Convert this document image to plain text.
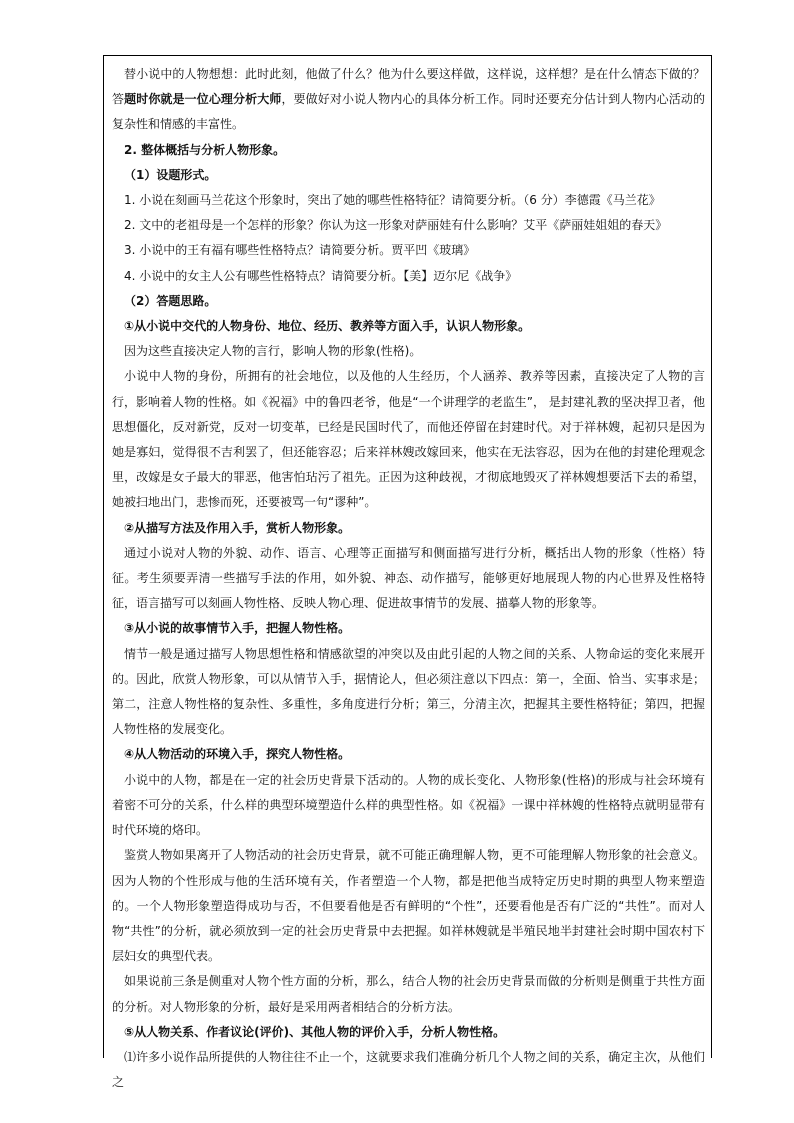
替小说中的人物想想：此时此刻，他做了什么？他为什么要这样做，这样说，这样想？是在什么情态下做的？答题时你就是一位心理分析大师，要做好对小说人物内心的具体分析工作。同时还要充分估计到人物内心活动的复杂性和情感的丰富性。

2. 整体概括与分析人物形象。

（1）设题形式。

1. 小说在刻画马兰花这个形象时，突出了她的哪些性格特征？请简要分析。（6 分）李德霞《马兰花》

2. 文中的老祖母是一个怎样的形象？你认为这一形象对萨丽娃有什么影响？艾平《萨丽娃姐姐的春天》

3. 小说中的王有福有哪些性格特点？请简要分析。贾平凹《玻璃》

4. 小说中的女主人公有哪些性格特点？请简要分析。【美】迈尔尼《战争》

（2）答题思路。

①从小说中交代的人物身份、地位、经历、教养等方面入手，认识人物形象。

因为这些直接决定人物的言行，影响人物的形象(性格)。

小说中人物的身份，所拥有的社会地位，以及他的人生经历，个人涵养、教养等因素，直接决定了人物的言行，影响着人物的性格。如《祝福》中的鲁四老爷，他是“一个讲理学的老监生”， 是封建礼教的坚决捍卫者，他思想僵化，反对新党，反对一切变革，已经是民国时代了，而他还停留在封建时代。对于祥林嫂，起初只是因为她是寡妇，觉得很不吉利罢了，但还能容忍；后来祥林嫂改嫁回来，他实在无法容忍，因为在他的封建伦理观念里，改嫁是女子最大的罪恶，他害怕玷污了祖先。正因为这种歧视，才彻底地毁灭了祥林嫂想要活下去的希望，她被扫地出门，悲惨而死，还要被骂一句“谬种”。

②从描写方法及作用入手，赏析人物形象。

通过小说对人物的外貌、动作、语言、心理等正面描写和侧面描写进行分析，概括出人物的形象（性格）特征。考生须要弄清一些描写手法的作用，如外貌、神态、动作描写，能够更好地展现人物的内心世界及性格特征，语言描写可以刻画人物性格、反映人物心理、促进故事情节的发展、描摹人物的形象等。

③从小说的故事情节入手，把握人物性格。

情节一般是通过描写人物思想性格和情感欲望的冲突以及由此引起的人物之间的关系、人物命运的变化来展开的。因此，欣赏人物形象，可以从情节入手，据情论人，但必须注意以下四点：第一，全面、恰当、实事求是；第二，注意人物性格的复杂性、多重性，多角度进行分析；第三，分清主次，把握其主要性格特征；第四，把握人物性格的发展变化。

④从人物活动的环境入手，探究人物性格。

小说中的人物，都是在一定的社会历史背景下活动的。人物的成长变化、人物形象(性格)的形成与社会环境有着密不可分的关系，什么样的典型环境塑造什么样的典型性格。如《祝福》一课中祥林嫂的性格特点就明显带有时代环境的烙印。

鉴赏人物如果离开了人物活动的社会历史背景，就不可能正确理解人物，更不可能理解人物形象的社会意义。因为人物的个性形成与他的生活环境有关，作者塑造一个人物，都是把他当成特定历史时期的典型人物来塑造的。一个人物形象塑造得成功与否，不但要看他是否有鲜明的“个性”，还要看他是否有广泛的“共性”。而对人物“共性”的分析，就必须放到一定的社会历史背景中去把握。如祥林嫂就是半殖民地半封建社会时期中国农村下层妇女的典型代表。

如果说前三条是侧重对人物个性方面的分析，那么，结合人物的社会历史背景而做的分析则是侧重于共性方面的分析。对人物形象的分析，最好是采用两者相结合的分析方法。

⑤从人物关系、作者议论(评价)、其他人物的评价入手，分析人物性格。

⑴许多小说作品所提供的人物往往不止一个，这就要求我们准确分析几个人物之间的关系，确定主次，从他们之
